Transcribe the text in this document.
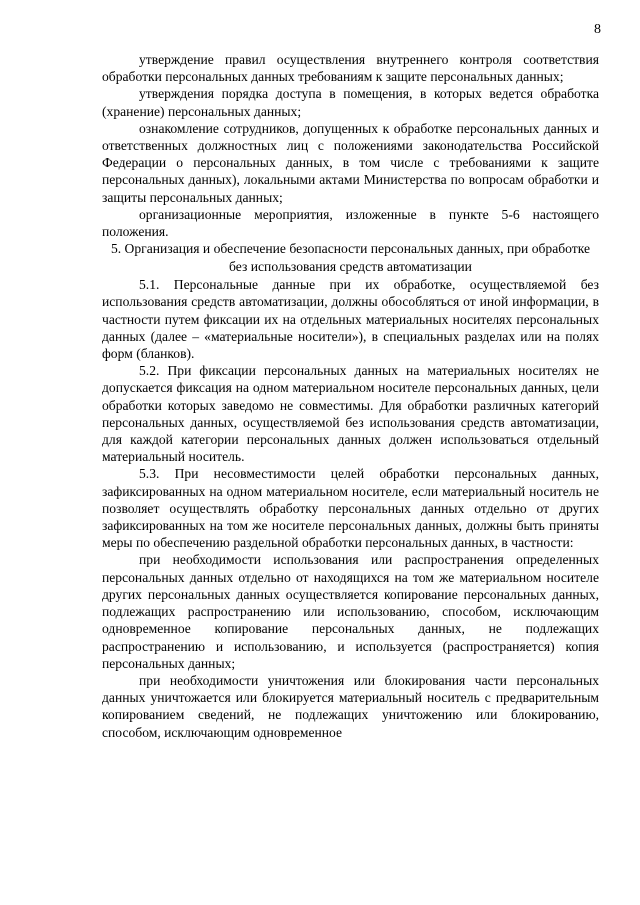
8

утверждение правил осуществления внутреннего контроля соответствия обработки персональных данных требованиям к защите персональных данных;

утверждения порядка доступа в помещения, в которых ведется обработка (хранение) персональных данных;

ознакомление сотрудников, допущенных к обработке персональных данных и ответственных должностных лиц с положениями законодательства Российской Федерации о персональных данных, в том числе с требованиями к защите персональных данных), локальными актами Министерства по вопросам обработки и защиты персональных данных;

организационные мероприятия, изложенные в пункте 5-6 настоящего положения.

5. Организация и обеспечение безопасности персональных данных, при обработке без использования средств автоматизации

5.1. Персональные данные при их обработке, осуществляемой без использования средств автоматизации, должны обособляться от иной информации, в частности путем фиксации их на отдельных материальных носителях персональных данных (далее – «материальные носители»), в специальных разделах или на полях форм (бланков).

5.2. При фиксации персональных данных на материальных носителях не допускается фиксация на одном материальном носителе персональных данных, цели обработки которых заведомо не совместимы. Для обработки различных категорий персональных данных, осуществляемой без использования средств автоматизации, для каждой категории персональных данных должен использоваться отдельный материальный носитель.

5.3. При несовместимости целей обработки персональных данных, зафиксированных на одном материальном носителе, если материальный носитель не позволяет осуществлять обработку персональных данных отдельно от других зафиксированных на том же носителе персональных данных, должны быть приняты меры по обеспечению раздельной обработки персональных данных, в частности:

при необходимости использования или распространения определенных персональных данных отдельно от находящихся на том же материальном носителе других персональных данных осуществляется копирование персональных данных, подлежащих распространению или использованию, способом, исключающим одновременное копирование персональных данных, не подлежащих распространению и использованию, и используется (распространяется) копия персональных данных;

при необходимости уничтожения или блокирования части персональных данных уничтожается или блокируется материальный носитель с предварительным копированием сведений, не подлежащих уничтожению или блокированию, способом, исключающим одновременное
